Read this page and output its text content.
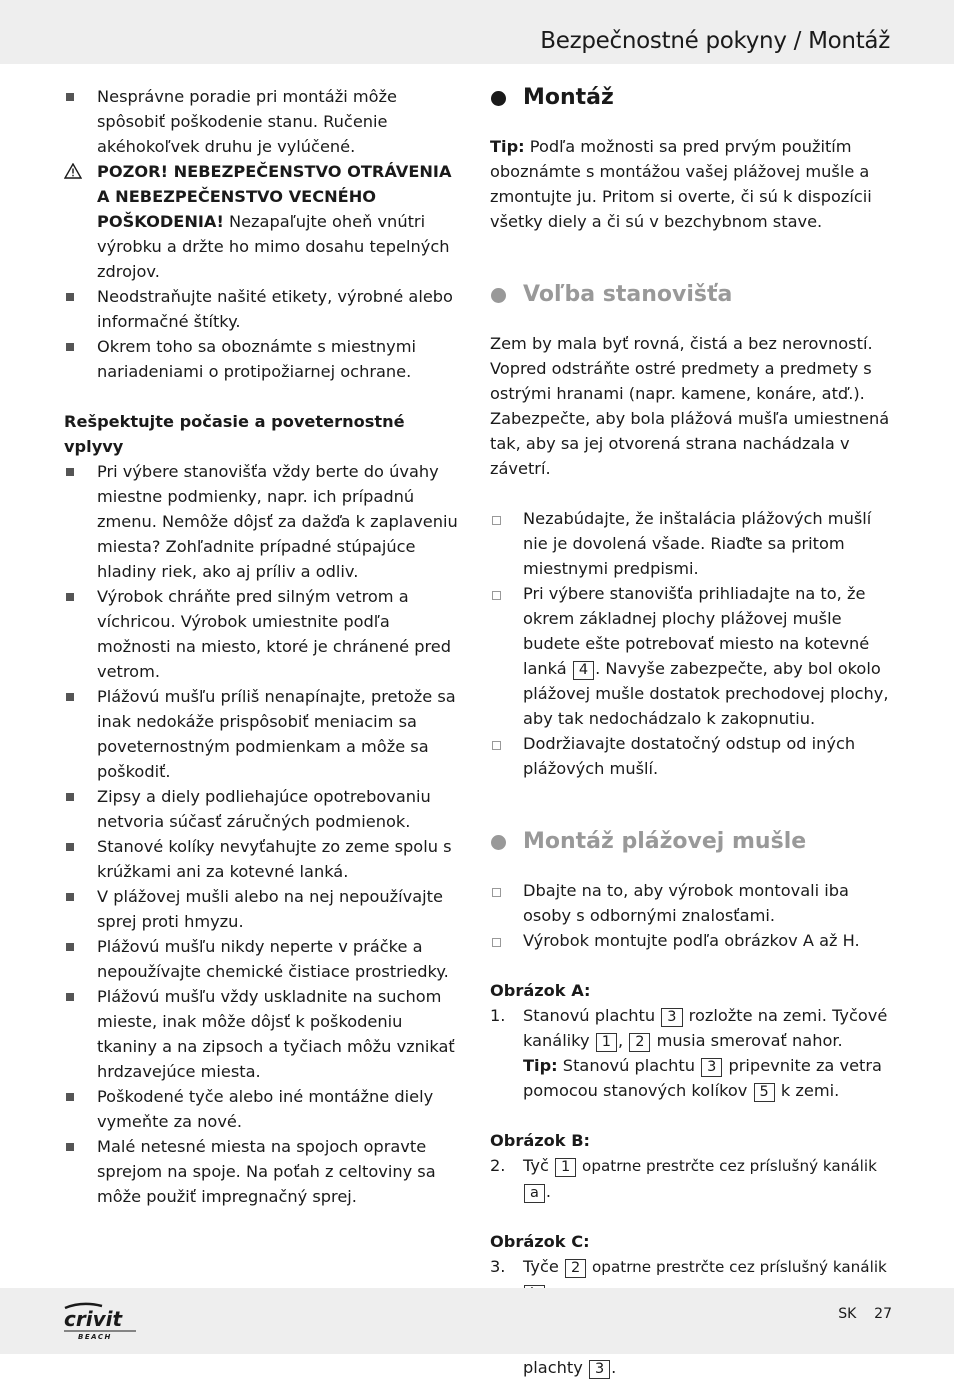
Bezpečnostné pokyny / Montáž
Nesprávne poradie pri montáži môže spôsobiť poškodenie stanu. Ručenie akéhokoľvek druhu je vylúčené.
POZOR! NEBEZPEČENSTVO OTRÁVENIA A NEBEZPEČENSTVO VECNÉHO POŠKODENIA! Nezapaľujte oheň vnútri výrobku a držte ho mimo dosahu tepelných zdrojov.
Neodstraňujte našité etikety, výrobné alebo informačné štítky.
Okrem toho sa oboznámte s miestnymi nariadeniami o protipožiarnej ochrane.

Rešpektujte počasie a poveternostné vplyvy

Pri výbere stanovišťa vždy berte do úvahy miestne podmienky, napr. ich prípadnú zmenu. Nemôže dôjsť za dažďa k zaplaveniu miesta? Zohľadnite prípadné stúpajúce hladiny riek, ako aj príliv a odliv.
Výrobok chráňte pred silným vetrom a víchricou. Výrobok umiestnite podľa možnosti na miesto, ktoré je chránené pred vetrom.
Plážovú mušľu príliš nenapínajte, pretože sa inak nedokáže prispôsobiť meniacim sa poveternostným podmienkam a môže sa poškodiť.
Zipsy a diely podliehajúce opotrebovaniu netvoria súčasť záručných podmienok.
Stanové kolíky nevyťahujte zo zeme spolu s krúžkami ani za kotevné lanká.
V plážovej mušli alebo na nej nepoužívajte sprej proti hmyzu.
Plážovú mušľu nikdy neperte v práčke a nepoužívajte chemické čistiace prostriedky.
Plážovú mušľu vždy uskladnite na suchom mieste, inak môže dôjsť k poškodeniu tkaniny a na zipsoch a tyčiach môžu vznikať hrdzavejúce miesta.
Poškodené tyče alebo iné montážne diely vymeňte za nové.
Malé netesné miesta na spojoch opravte sprejom na spoje. Na poťah z celtoviny sa môže použiť impregnačný sprej.
Montáž

Tip: Podľa možnosti sa pred prvým použitím oboznámte s montážou vašej plážovej mušle a zmontujte ju. Pritom si overte, či sú k dispozícii všetky diely a či sú v bezchybnom stave.

Voľba stanovišťa

Zem by mala byť rovná, čistá a bez nerovností. Vopred odstráňte ostré predmety a predmety s ostrými hranami (napr. kamene, konáre, atď.). Zabezpečte, aby bola plážová mušľa umiestnená tak, aby sa jej otvorená strana nachádzala v závetrí.

Nezabúdajte, že inštalácia plážových mušlí nie je dovolená všade. Riaďte sa pritom miestnymi predpismi.
Pri výbere stanovišťa prihliadajte na to, že okrem základnej plochy plážovej mušle budete ešte potrebovať miesto na kotevné lanká 4 . Navyše zabezpečte, aby bol okolo plážovej mušle dostatok prechodovej plochy, aby tak nedochádzalo k zakopnutiu.
Dodržiavajte dostatočný odstup od iných plážových mušlí.
Montáž plážovej mušle
Dbajte na to, aby výrobok montovali iba osoby s odbornými znalosťami.
Výrobok montujte podľa obrázkov A až H.

Obrázok A:

1. Stanovú plachtu 3 rozložte na zemi. Tyčové kanáliky 1 , 2 musia smerovať nahor.
Tip: Stanovú plachtu 3 pripevnite za vetra pomocou stanových kolíkov 5 k zemi.

Obrázok B:

2. Tyč 1 opatrne prestrčte cez príslušný kanálik a .

Obrázok C:

3. Tyče 2 opatrne prestrčte cez príslušný kanálik
plachty 3 .
crivit
BEACH
SK 27
